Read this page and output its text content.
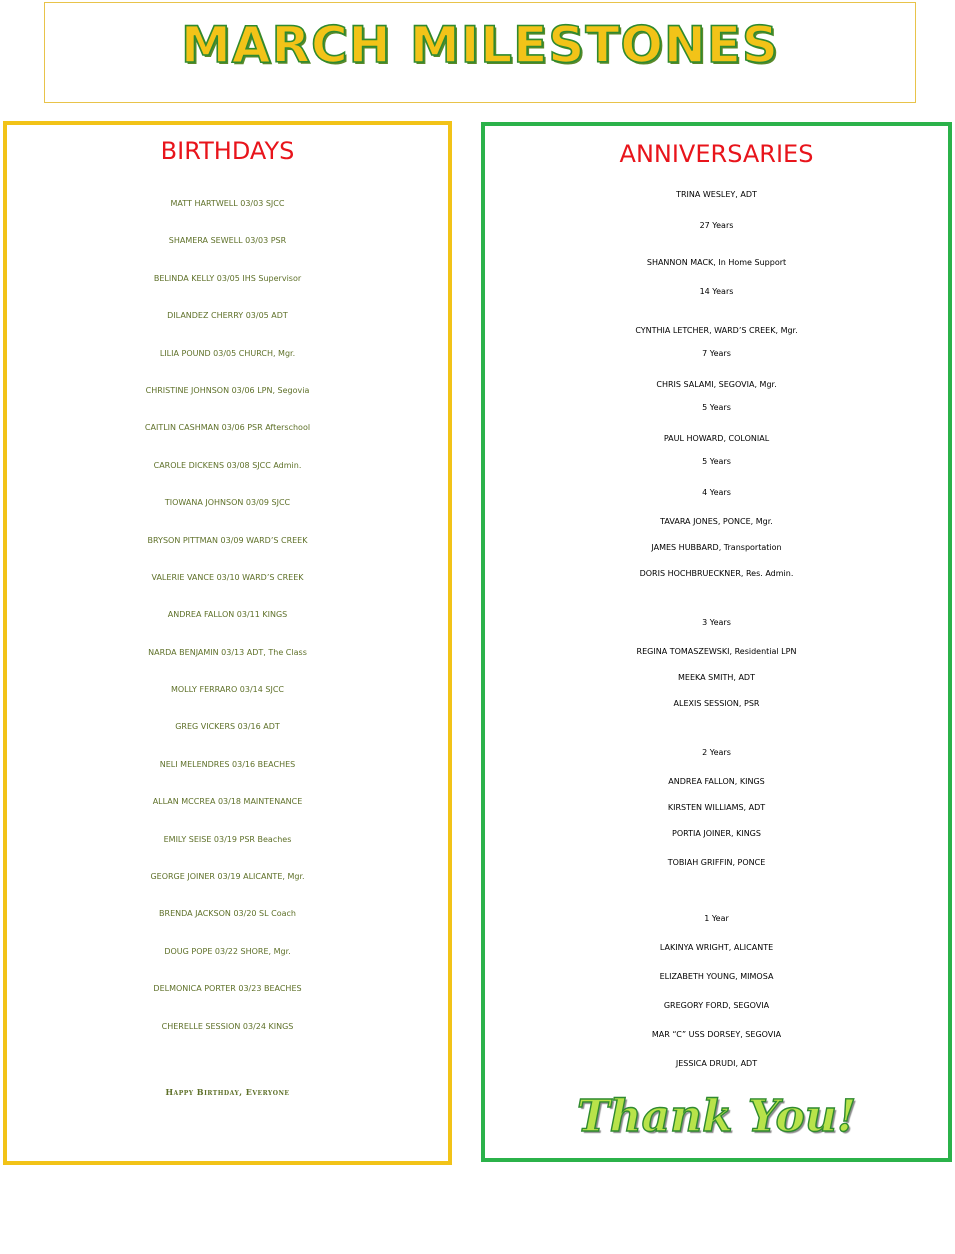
MARCH MILESTONES
BIRTHDAYS
MATT HARTWELL 03/03 SJCC
SHAMERA SEWELL 03/03 PSR
BELINDA KELLY 03/05 IHS Supervisor
DILANDEZ CHERRY 03/05 ADT
LILIA POUND 03/05 CHURCH, Mgr.
CHRISTINE JOHNSON 03/06 LPN, Segovia
CAITLIN CASHMAN 03/06 PSR Afterschool
CAROLE DICKENS 03/08 SJCC Admin.
TIOWANA JOHNSON 03/09 SJCC
BRYSON PITTMAN 03/09 WARD’S CREEK
VALERIE VANCE 03/10 WARD’S CREEK
ANDREA FALLON 03/11 KINGS
NARDA BENJAMIN 03/13 ADT, The Class
MOLLY FERRARO 03/14 SJCC
GREG VICKERS 03/16 ADT
NELI MELENDRES 03/16 BEACHES
ALLAN MCCREA 03/18 MAINTENANCE
EMILY SEISE 03/19 PSR Beaches
GEORGE JOINER 03/19 ALICANTE, Mgr.
BRENDA JACKSON 03/20 SL Coach
DOUG POPE 03/22 SHORE, Mgr.
DELMONICA PORTER 03/23 BEACHES
CHERELLE SESSION 03/24 KINGS
Happy Birthday, Everyone
ANNIVERSARIES
TRINA WESLEY, ADT
27 Years
SHANNON MACK, In Home Support
14 Years
CYNTHIA LETCHER, WARD’S CREEK, Mgr.
7 Years
CHRIS SALAMI, SEGOVIA, Mgr.
5 Years
PAUL HOWARD, COLONIAL
5 Years
4 Years
TAVARA JONES, PONCE, Mgr.
JAMES HUBBARD, Transportation
DORIS HOCHBRUECKNER, Res. Admin.
3 Years
REGINA TOMASZEWSKI, Residential LPN
MEEKA SMITH, ADT
ALEXIS SESSION, PSR
2 Years
ANDREA FALLON, KINGS
KIRSTEN WILLIAMS, ADT
PORTIA JOINER, KINGS
TOBIAH GRIFFIN, PONCE
1 Year
LAKINYA WRIGHT, ALICANTE
ELIZABETH YOUNG, MIMOSA
GREGORY FORD, SEGOVIA
MAR “C” USS DORSEY, SEGOVIA
JESSICA DRUDI, ADT
Thank You!
